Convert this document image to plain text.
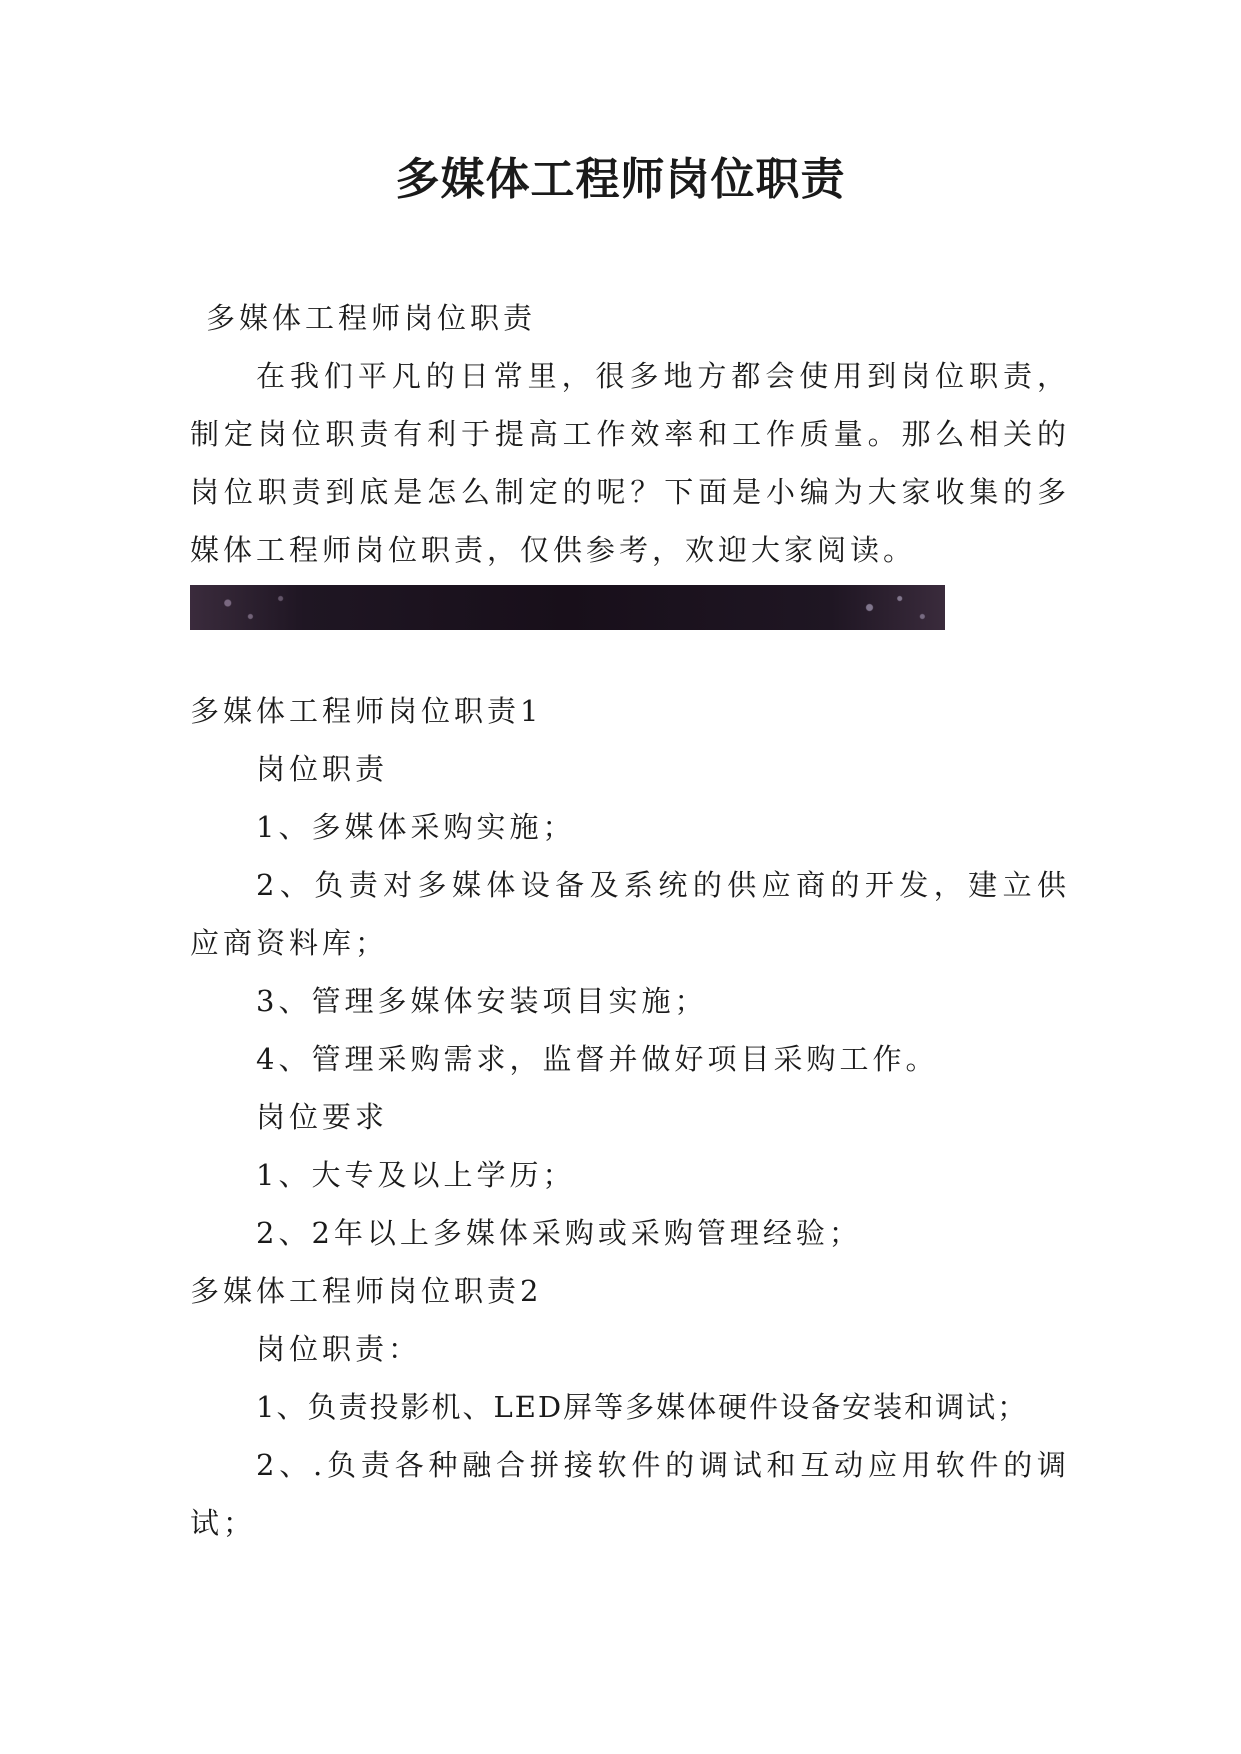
多媒体工程师岗位职责
多媒体工程师岗位职责

在我们平凡的日常里，很多地方都会使用到岗位职责，制定岗位职责有利于提高工作效率和工作质量。那么相关的岗位职责到底是怎么制定的呢？下面是小编为大家收集的多媒体工程师岗位职责，仅供参考，欢迎大家阅读。

多媒体工程师岗位职责1
岗位职责
1、多媒体采购实施；

2、负责对多媒体设备及系统的供应商的开发，建立供应商资料库；

3、管理多媒体安装项目实施；
4、管理采购需求，监督并做好项目采购工作。
岗位要求
1、大专及以上学历；
2、2年以上多媒体采购或采购管理经验；
多媒体工程师岗位职责2
岗位职责：
1、负责投影机、LED屏等多媒体硬件设备安装和调试；

2、.负责各种融合拼接软件的调试和互动应用软件的调试；
